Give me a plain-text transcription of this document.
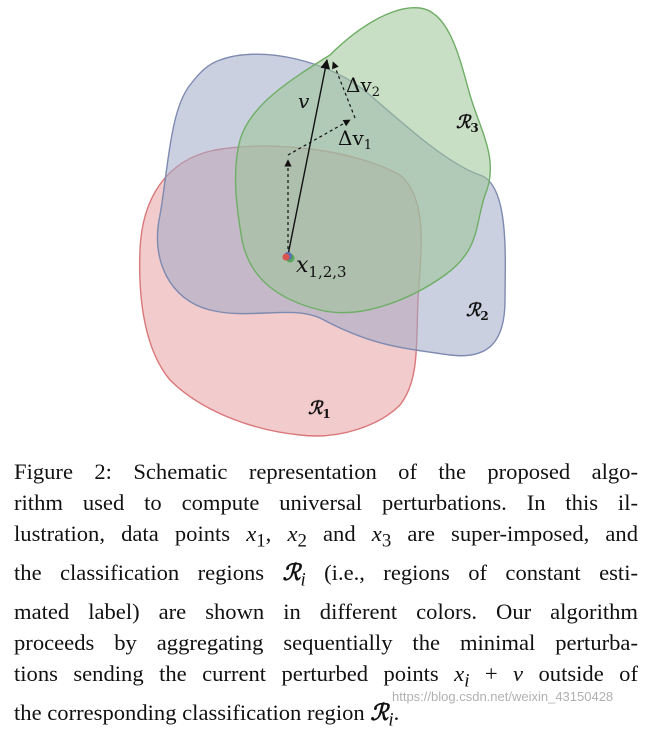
v
$\Delta v_2$
$\Delta v_1$
$x_{1,2,3}$
ℛ$_3$
ℛ$_2$
ℛ$_1$

Figure 2: Schematic representation of the proposed algo-
rithm used to compute universal perturbations. In this il-
lustration, data points $x_1$, $x_2$ and $x_3$ are super-imposed, and
the classification regions ℛ$_i$ (i.e., regions of constant esti-
mated label) are shown in different colors. Our algorithm
proceeds by aggregating sequentially the minimal perturba-
tions sending the current perturbed points $x_i + v$ outside of
the corresponding classification region ℛ$_i$.

https://blog.csdn.net/weixin_43150428
